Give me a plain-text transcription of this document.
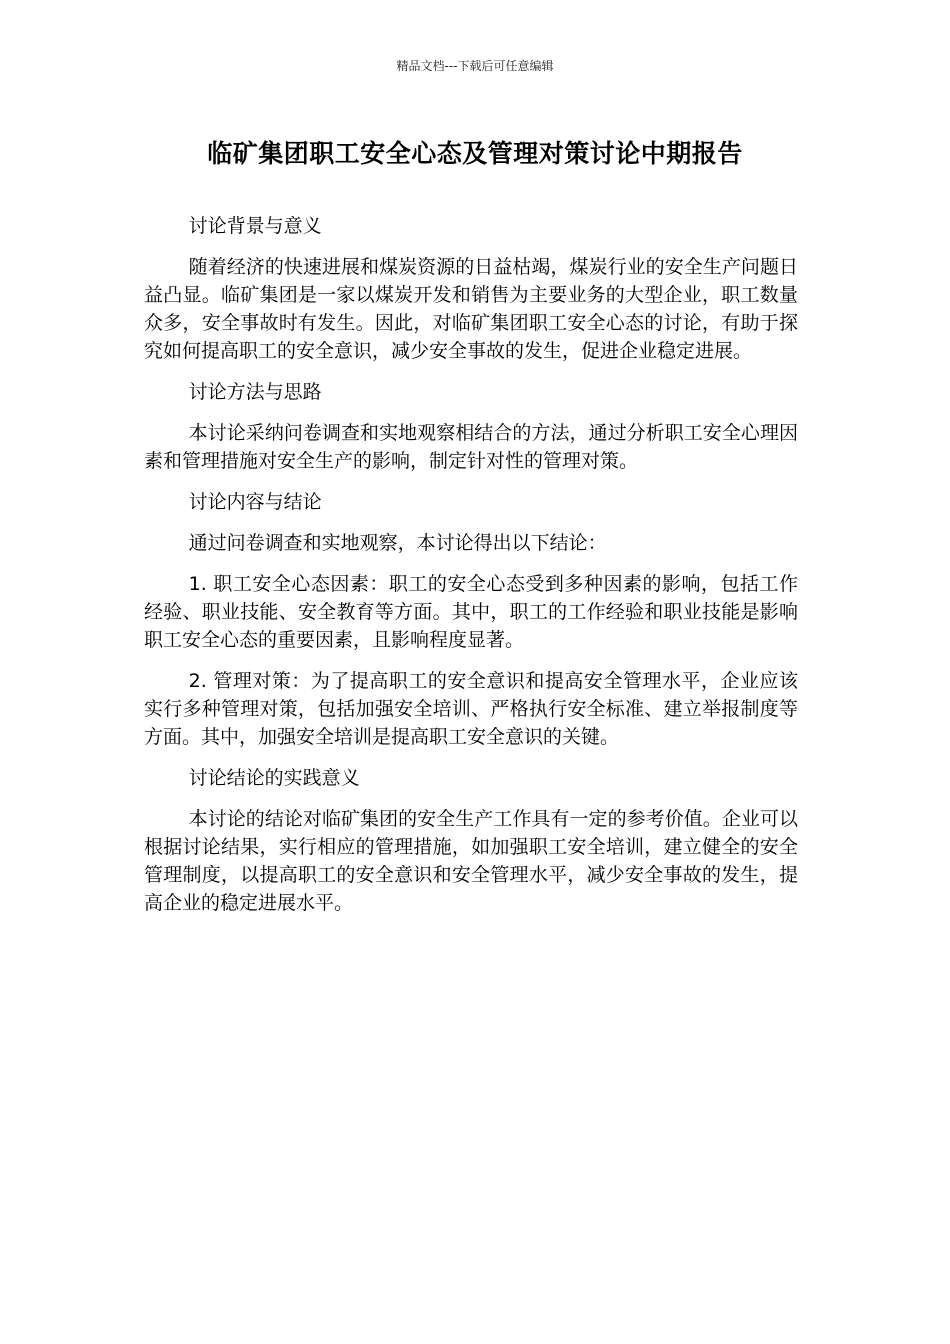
精品文档---下载后可任意编辑
临矿集团职工安全心态及管理对策讨论中期报告

讨论背景与意义

随着经济的快速进展和煤炭资源的日益枯竭，煤炭行业的安全生产问题日益凸显。临矿集团是一家以煤炭开发和销售为主要业务的大型企业，职工数量众多，安全事故时有发生。因此，对临矿集团职工安全心态的讨论，有助于探究如何提高职工的安全意识，减少安全事故的发生，促进企业稳定进展。

讨论方法与思路

本讨论采纳问卷调查和实地观察相结合的方法，通过分析职工安全心理因素和管理措施对安全生产的影响，制定针对性的管理对策。

讨论内容与结论

通过问卷调查和实地观察，本讨论得出以下结论：

1. 职工安全心态因素：职工的安全心态受到多种因素的影响，包括工作经验、职业技能、安全教育等方面。其中，职工的工作经验和职业技能是影响职工安全心态的重要因素，且影响程度显著。

2. 管理对策：为了提高职工的安全意识和提高安全管理水平，企业应该实行多种管理对策，包括加强安全培训、严格执行安全标准、建立举报制度等方面。其中，加强安全培训是提高职工安全意识的关键。

讨论结论的实践意义

本讨论的结论对临矿集团的安全生产工作具有一定的参考价值。企业可以根据讨论结果，实行相应的管理措施，如加强职工安全培训，建立健全的安全管理制度，以提高职工的安全意识和安全管理水平，减少安全事故的发生，提高企业的稳定进展水平。
